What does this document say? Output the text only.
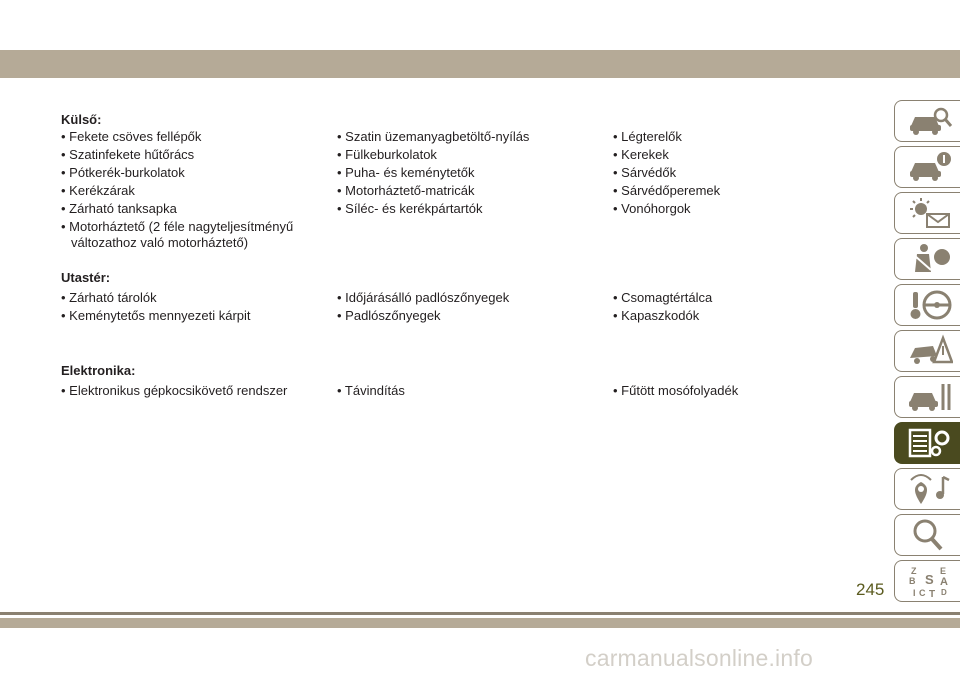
Külső:
• Fekete csöves fellépők
• Szatinfekete hűtőrács
• Pótkerék-burkolatok
• Kerékzárak
• Zárható tanksapka
• Motorháztető (2 féle nagyteljesítményű
változathoz való motorháztető)
• Szatin üzemanyagbetöltő-nyílás
• Fülkeburkolatok
• Puha- és keménytetők
• Motorháztető-matricák
• Síléc- és kerékpártartók
• Légterelők
• Kerekek
• Sárvédők
• Sárvédőperemek
• Vonóhorgok
Utastér:
• Zárható tárolók
• Keménytetős mennyezeti kárpit
• Időjárásálló padlószőnyegek
• Padlószőnyegek
• Csomagtértálca
• Kapaszkodók
Elektronika:
• Elektronikus gépkocsikövető rendszer	• Távindítás	• Fűtött mosófolyadék
Z	E
B S A
I C T D
245
carmanualsonline.info
